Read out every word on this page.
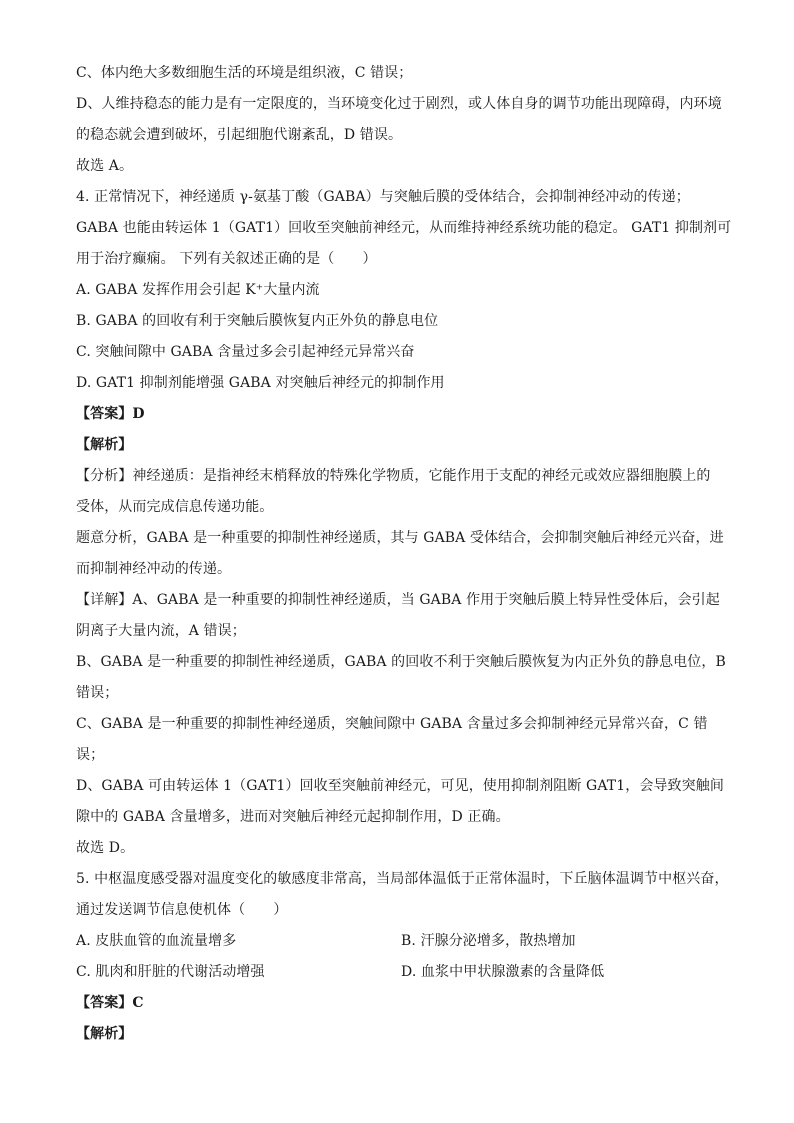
C、体内绝大多数细胞生活的环境是组织液，C 错误；
D、人维持稳态的能力是有一定限度的，当环境变化过于剧烈，或人体自身的调节功能出现障碍，内环境
的稳态就会遭到破坏，引起细胞代谢紊乱，D 错误。
故选 A。
4. 正常情况下，神经递质 γ-氨基丁酸（GABA）与突触后膜的受体结合，会抑制神经冲动的传递；
GABA 也能由转运体 1（GAT1）回收至突触前神经元，从而维持神经系统功能的稳定。 GAT1 抑制剂可
用于治疗癫痫。 下列有关叙述正确的是（　　）
A. GABA 发挥作用会引起 K⁺大量内流
B. GABA 的回收有利于突触后膜恢复内正外负的静息电位
C. 突触间隙中 GABA 含量过多会引起神经元异常兴奋
D. GAT1 抑制剂能增强 GABA 对突触后神经元的抑制作用
【答案】D
【解析】
【分析】神经递质：是指神经末梢释放的特殊化学物质，它能作用于支配的神经元或效应器细胞膜上的
受体，从而完成信息传递功能。
题意分析，GABA 是一种重要的抑制性神经递质，其与 GABA 受体结合，会抑制突触后神经元兴奋，进
而抑制神经冲动的传递。
【详解】A、GABA 是一种重要的抑制性神经递质，当 GABA 作用于突触后膜上特异性受体后，会引起
阴离子大量内流，A 错误；
B、GABA 是一种重要的抑制性神经递质，GABA 的回收不利于突触后膜恢复为内正外负的静息电位，B
错误；
C、GABA 是一种重要的抑制性神经递质，突触间隙中 GABA 含量过多会抑制神经元异常兴奋，C 错
误；
D、GABA 可由转运体 1（GAT1）回收至突触前神经元，可见，使用抑制剂阻断 GAT1，会导致突触间
隙中的 GABA 含量增多，进而对突触后神经元起抑制作用，D 正确。
故选 D。
5. 中枢温度感受器对温度变化的敏感度非常高，当局部体温低于正常体温时，下丘脑体温调节中枢兴奋，
通过发送调节信息使机体（　　）
A. 皮肤血管的血流量增多	B. 汗腺分泌增多，散热增加
C. 肌肉和肝脏的代谢活动增强	D. 血浆中甲状腺激素的含量降低
【答案】C
【解析】
